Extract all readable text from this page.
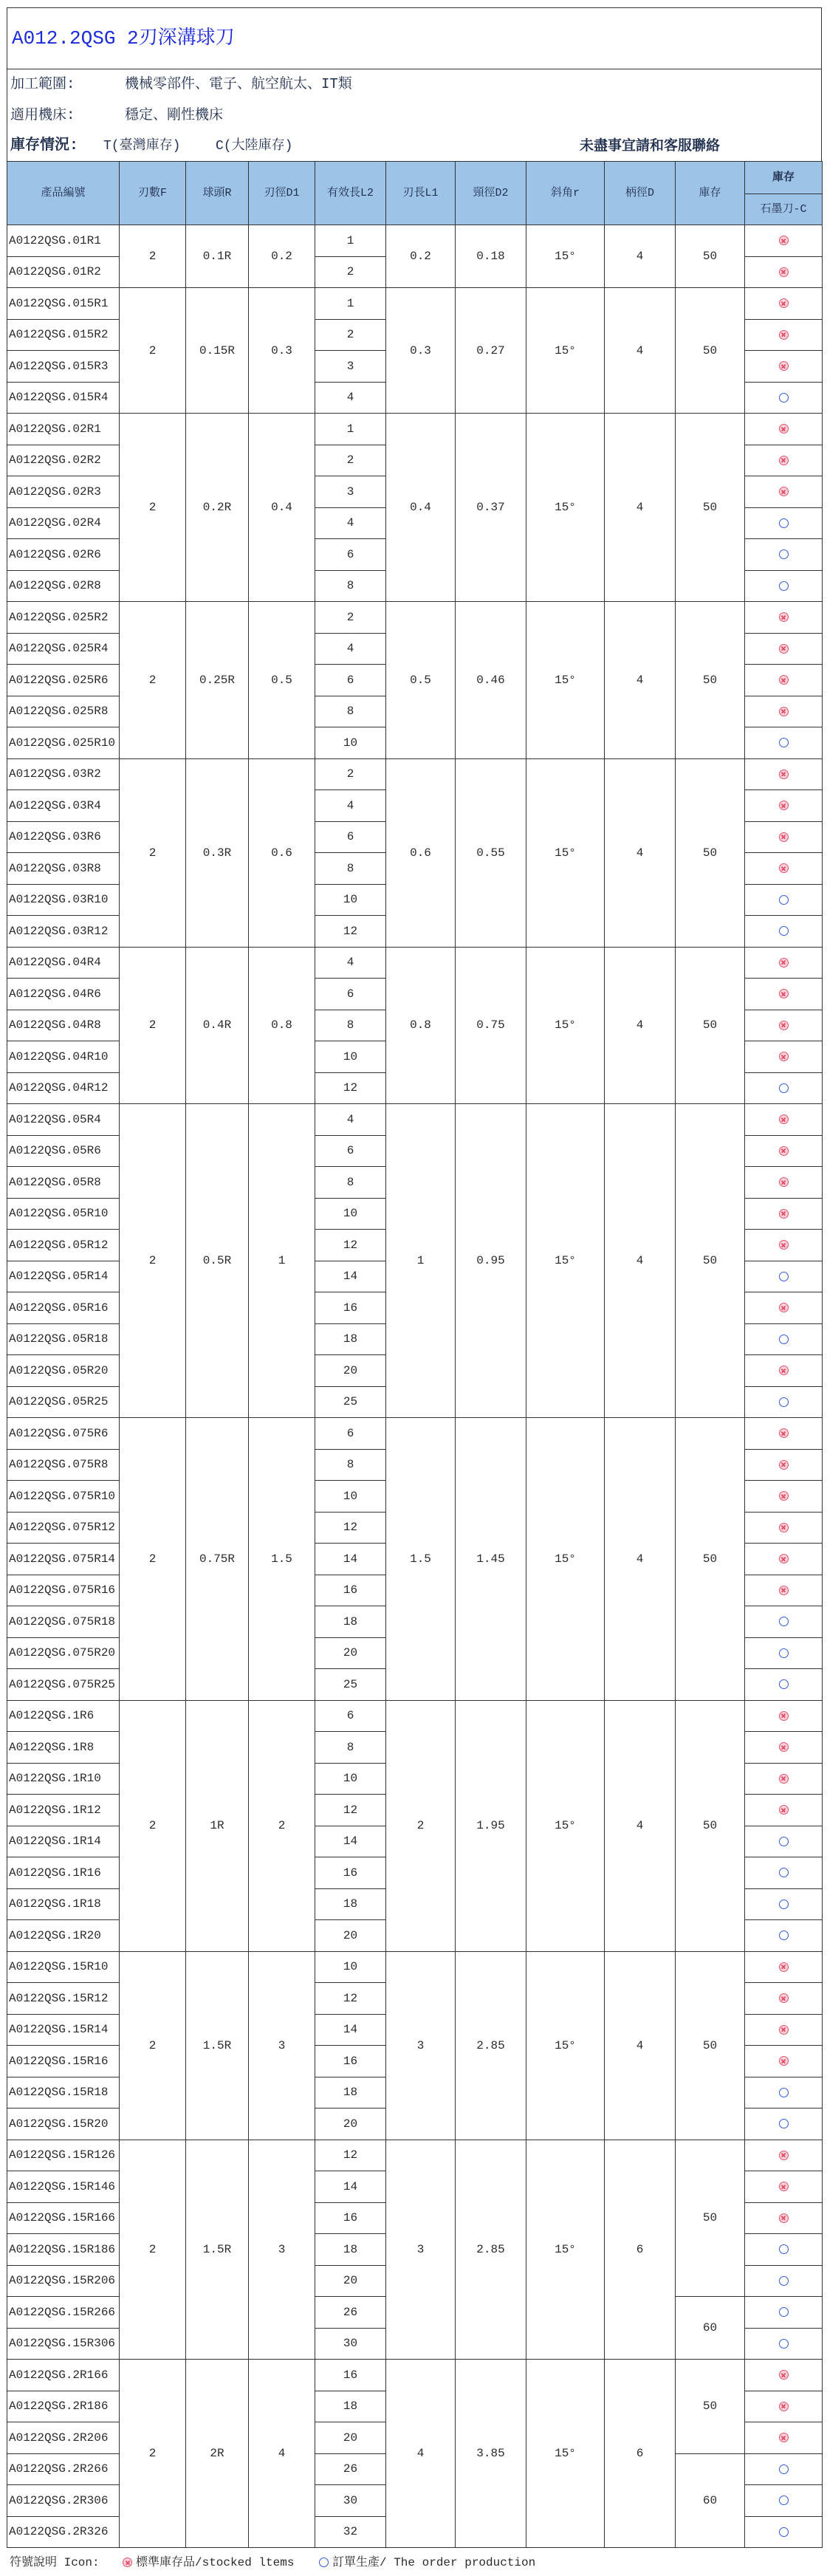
A012.2QSG 2刃深溝球刀
加工範圍:	機械零部件、電子、航空航太、IT類
適用機床:	穩定、剛性機床
庫存情況: T(臺灣庫存)	C(大陸庫存)	未盡事宜請和客服聯絡
產品編號	刃數F	球頭R	刃徑D1	有效長L2	刃長L1	頸徑D2	斜角r	柄徑D	庫存	庫存
										石墨刀-C
A0122QSG.01R1	2	0.1R	0.2	1	0.2	0.18	15°	4	50	
A0122QSG.01R2				2						
A0122QSG.015R1	2	0.15R	0.3	1	0.3	0.27	15°	4	50	
A0122QSG.015R2				2						
A0122QSG.015R3				3						
A0122QSG.015R4				4						
A0122QSG.02R1	2	0.2R	0.4	1	0.4	0.37	15°	4	50	
A0122QSG.02R2				2						
A0122QSG.02R3				3						
A0122QSG.02R4				4						
A0122QSG.02R6				6						
A0122QSG.02R8				8						
A0122QSG.025R2	2	0.25R	0.5	2	0.5	0.46	15°	4	50	
A0122QSG.025R4				4						
A0122QSG.025R6				6						
A0122QSG.025R8				8						
A0122QSG.025R10				10						
A0122QSG.03R2	2	0.3R	0.6	2	0.6	0.55	15°	4	50	
A0122QSG.03R4				4						
A0122QSG.03R6				6						
A0122QSG.03R8				8						
A0122QSG.03R10				10						
A0122QSG.03R12				12						
A0122QSG.04R4	2	0.4R	0.8	4	0.8	0.75	15°	4	50	
A0122QSG.04R6				6						
A0122QSG.04R8				8						
A0122QSG.04R10				10						
A0122QSG.04R12				12						
A0122QSG.05R4	2	0.5R	1	4	1	0.95	15°	4	50	
A0122QSG.05R6				6						
A0122QSG.05R8				8						
A0122QSG.05R10				10						
A0122QSG.05R12				12						
A0122QSG.05R14				14						
A0122QSG.05R16				16						
A0122QSG.05R18				18						
A0122QSG.05R20				20						
A0122QSG.05R25				25						
A0122QSG.075R6	2	0.75R	1.5	6	1.5	1.45	15°	4	50	
A0122QSG.075R8				8						
A0122QSG.075R10				10						
A0122QSG.075R12				12						
A0122QSG.075R14				14						
A0122QSG.075R16				16						
A0122QSG.075R18				18						
A0122QSG.075R20				20						
A0122QSG.075R25				25						
A0122QSG.1R6	2	1R	2	6	2	1.95	15°	4	50	
A0122QSG.1R8				8						
A0122QSG.1R10				10						
A0122QSG.1R12				12						
A0122QSG.1R14				14						
A0122QSG.1R16				16						
A0122QSG.1R18				18						
A0122QSG.1R20				20						
A0122QSG.15R10	2	1.5R	3	10	3	2.85	15°	4	50	
A0122QSG.15R12				12						
A0122QSG.15R14				14						
A0122QSG.15R16				16						
A0122QSG.15R18				18						
A0122QSG.15R20				20						
A0122QSG.15R126	2	1.5R	3	12	3	2.85	15°	6	50	
A0122QSG.15R146				14						
A0122QSG.15R166				16						
A0122QSG.15R186				18						
A0122QSG.15R206				20						
A0122QSG.15R266				26					60	
A0122QSG.15R306				30						
A0122QSG.2R166	2	2R	4	16	4	3.85	15°	6	50	
A0122QSG.2R186				18						
A0122QSG.2R206				20						
A0122QSG.2R266				26					60	
A0122QSG.2R306				30						
A0122QSG.2R326				32						
符號說明 Icon:	標準庫存品/stocked ltems	訂單生產/ The order production
